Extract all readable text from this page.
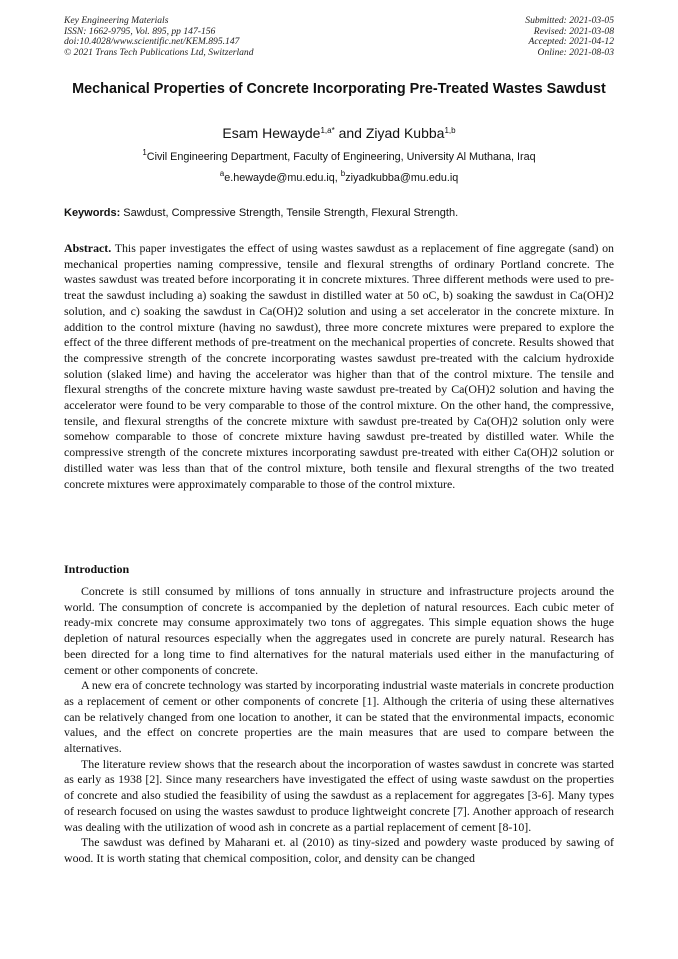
Key Engineering Materials
ISSN: 1662-9795, Vol. 895, pp 147-156
doi:10.4028/www.scientific.net/KEM.895.147
© 2021 Trans Tech Publications Ltd, Switzerland
Submitted: 2021-03-05
Revised: 2021-03-08
Accepted: 2021-04-12
Online: 2021-08-03
Mechanical Properties of Concrete Incorporating Pre-Treated Wastes Sawdust
Esam Hewayde$^{1,a*}$ and Ziyad Kubba$^{1,b}$
$^1$Civil Engineering Department, Faculty of Engineering, University Al Muthana, Iraq
$^a$e.hewayde@mu.edu.iq, $^b$ziyadkubba@mu.edu.iq
Keywords: Sawdust, Compressive Strength, Tensile Strength, Flexural Strength.
Abstract. This paper investigates the effect of using wastes sawdust as a replacement of fine aggregate (sand) on mechanical properties naming compressive, tensile and flexural strengths of ordinary Portland concrete. The wastes sawdust was treated before incorporating it in concrete mixtures. Three different methods were used to pre-treat the sawdust including a) soaking the sawdust in distilled water at 50 oC, b) soaking the sawdust in Ca(OH)2 solution, and c) soaking the sawdust in Ca(OH)2 solution and using a set accelerator in the concrete mixture. In addition to the control mixture (having no sawdust), three more concrete mixtures were prepared to explore the effect of the three different methods of pre-treatment on the mechanical properties of concrete. Results showed that the compressive strength of the concrete incorporating wastes sawdust pre-treated with the calcium hydroxide solution (slaked lime) and having the accelerator was higher than that of the control mixture. The tensile and flexural strengths of the concrete mixture having waste sawdust pre-treated by Ca(OH)2 solution and having the accelerator were found to be very comparable to those of the control mixture. On the other hand, the compressive, tensile, and flexural strengths of the concrete mixture with sawdust pre-treated by Ca(OH)2 solution only were somehow comparable to those of concrete mixture having sawdust pre-treated by distilled water. While the compressive strength of the concrete mixtures incorporating sawdust pre-treated with either Ca(OH)2 solution or distilled water was less than that of the control mixture, both tensile and flexural strengths of the two treated concrete mixtures were approximately comparable to those of the control mixture.
Introduction

Concrete is still consumed by millions of tons annually in structure and infrastructure projects around the world. The consumption of concrete is accompanied by the depletion of natural resources. Each cubic meter of ready-mix concrete may consume approximately two tons of aggregates. This simple equation shows the huge depletion of natural resources especially when the aggregates used in concrete are purely natural. Research has been directed for a long time to find alternatives for the natural materials used either in the manufacturing of cement or other components of concrete.

A new era of concrete technology was started by incorporating industrial waste materials in concrete production as a replacement of cement or other components of concrete [1]. Although the criteria of using these alternatives can be relatively changed from one location to another, it can be stated that the environmental impacts, economic values, and the effect on concrete properties are the main measures that are used to compare between the alternatives.

The literature review shows that the research about the incorporation of wastes sawdust in concrete was started as early as 1938 [2]. Since many researchers have investigated the effect of using waste sawdust on the properties of concrete and also studied the feasibility of using the sawdust as a replacement for aggregates [3-6]. Many types of research focused on using the wastes sawdust to produce lightweight concrete [7]. Another approach of research was dealing with the utilization of wood ash in concrete as a partial replacement of cement [8-10].

The sawdust was defined by Maharani et. al (2010) as tiny-sized and powdery waste produced by sawing of wood. It is worth stating that chemical composition, color, and density can be changed
